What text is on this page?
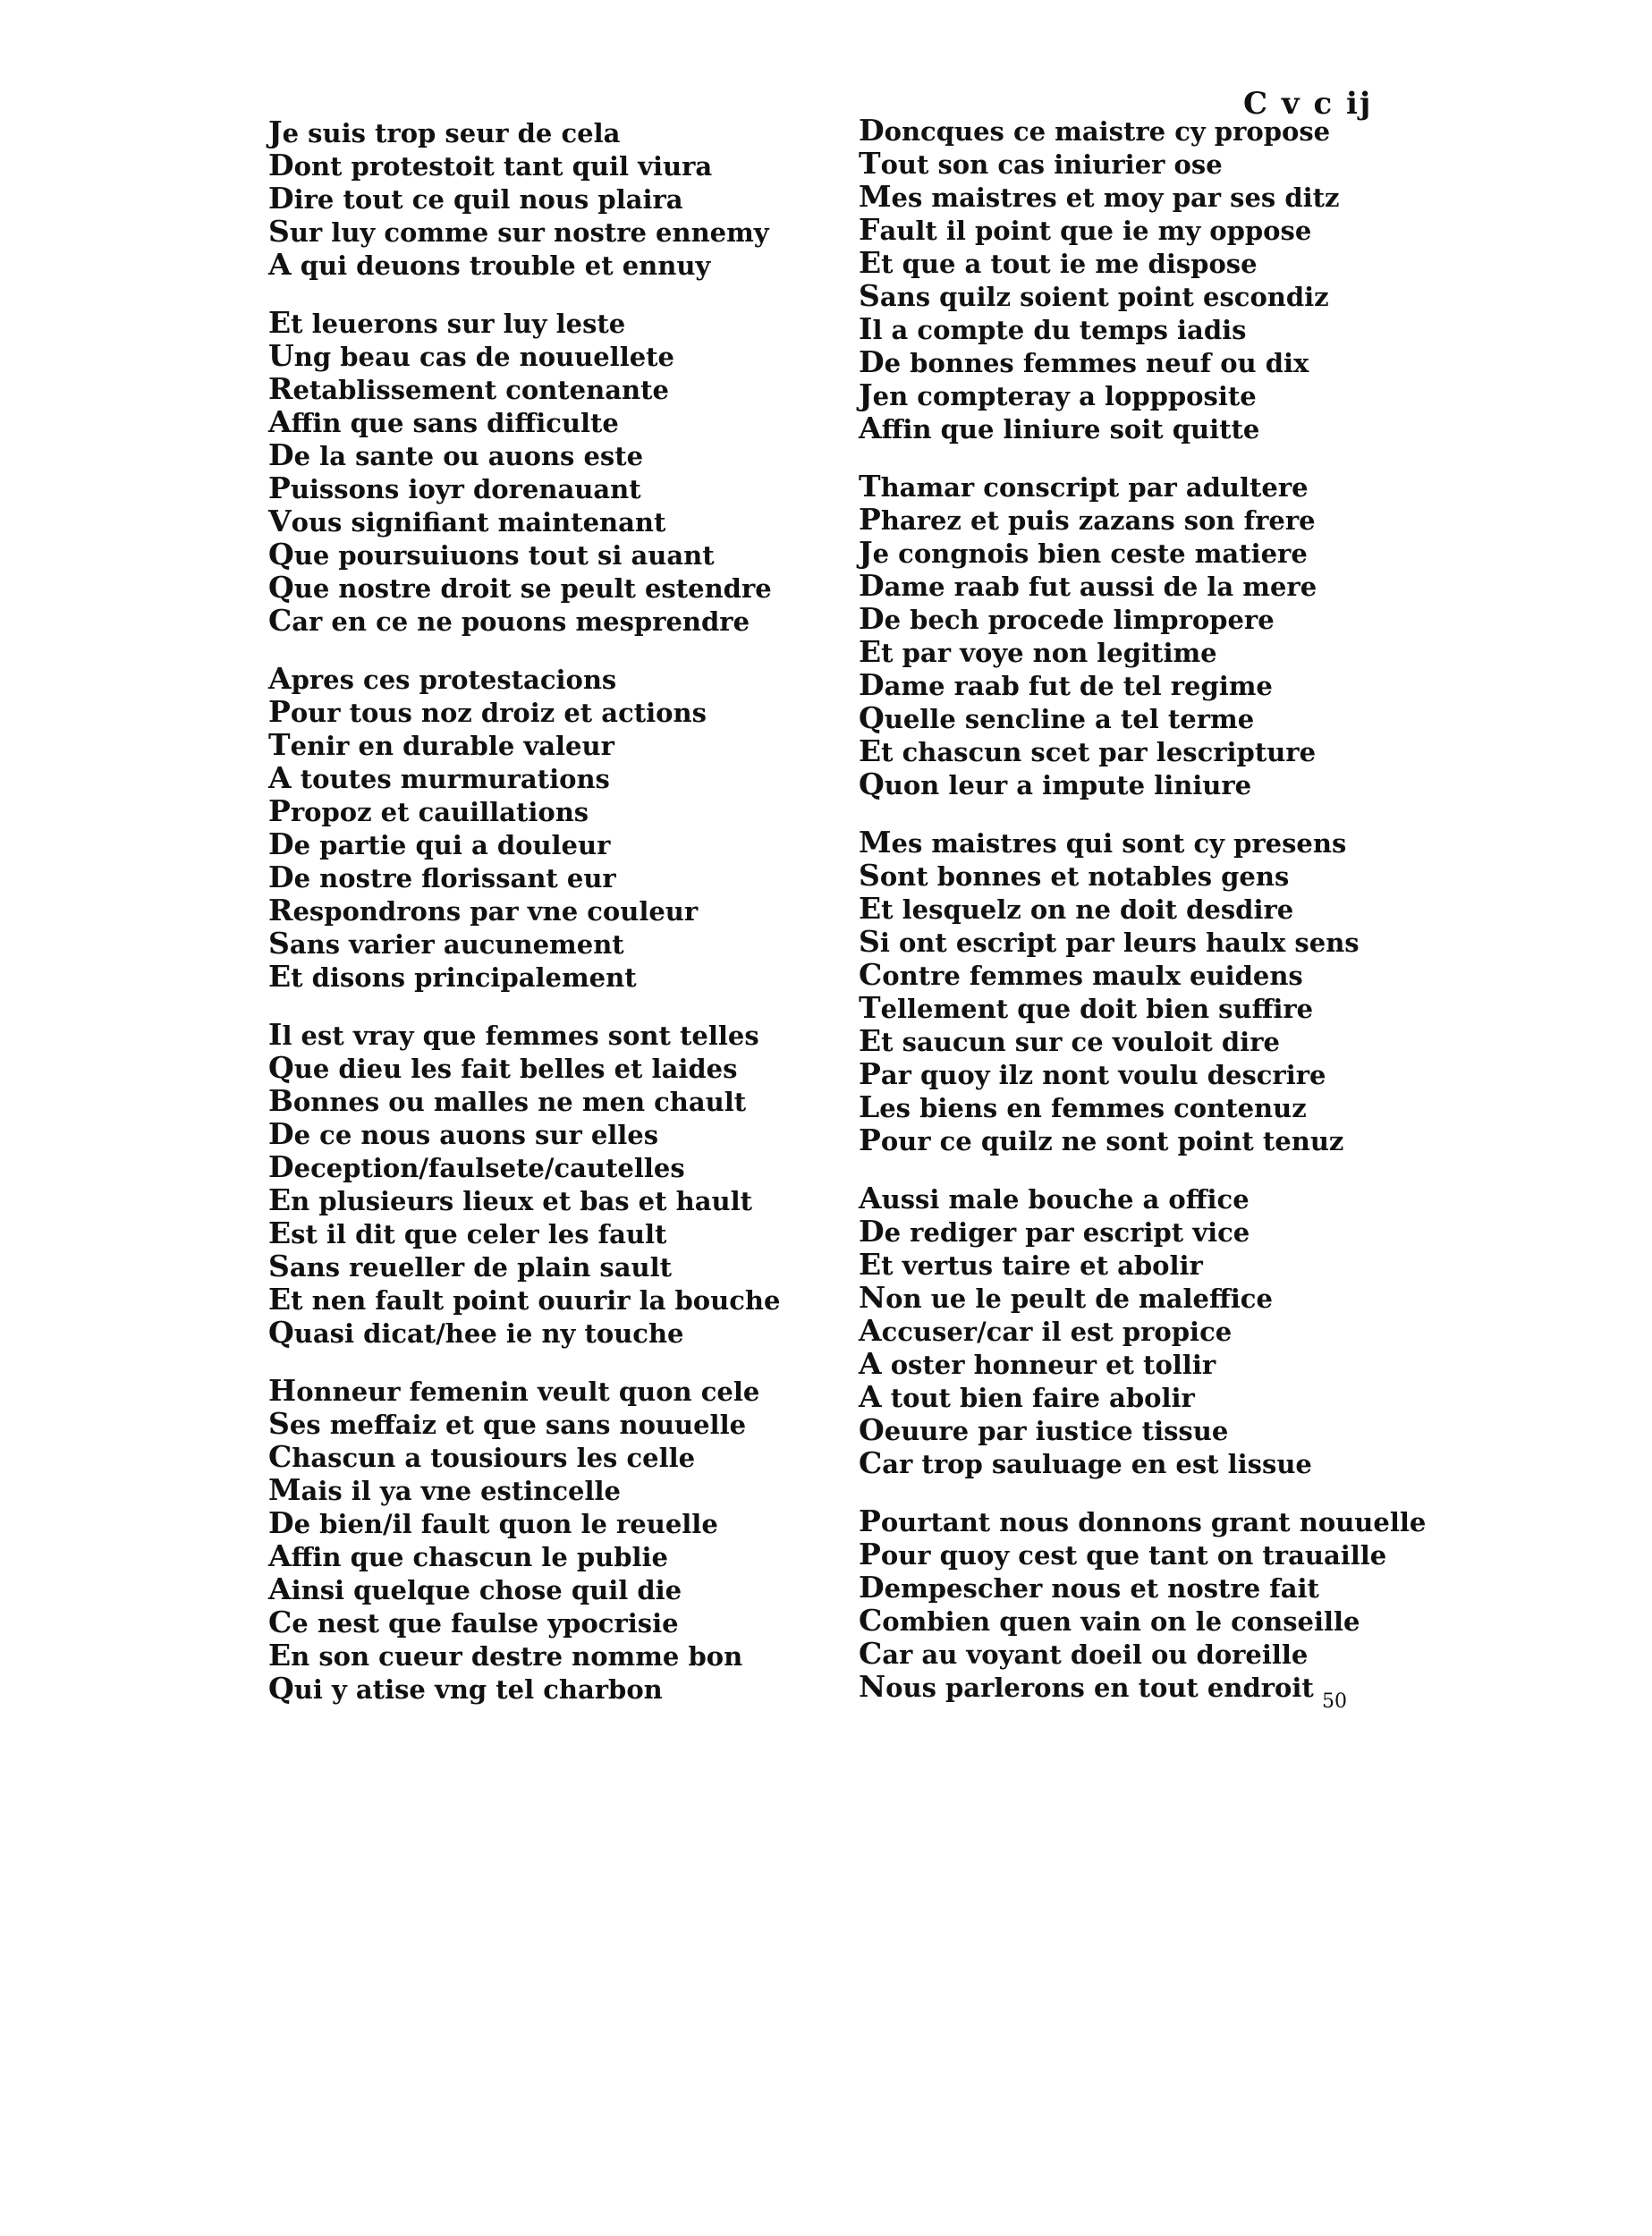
C v c ij
Je suis trop seur de cela
Dont protestoit tant quil viura
Dire tout ce quil nous plaira
Sur luy comme sur nostre ennemy
A qui deuons trouble et ennuy
Et leuerons sur luy leste
Ung beau cas de nouuellete
Retablissement contenante
Affin que sans difficulte
De la sante ou auons este
Puissons ioyr dorenauant
Vous signifiant maintenant
Que poursuiuons tout si auant
Que nostre droit se peult estendre
Car en ce ne pouons mesprendre
Apres ces protestacions
Pour tous noz droiz et actions
Tenir en durable valeur
A toutes murmurations
Propoz et cauillations
De partie qui a douleur
De nostre florissant eur
Respondrons par vne couleur
Sans varier aucunement
Et disons principalement
Il est vray que femmes sont telles
Que dieu les fait belles et laides
Bonnes ou malles ne men chault
De ce nous auons sur elles
Deception/faulsete/cautelles
En plusieurs lieux et bas et hault
Est il dit que celer les fault
Sans reueller de plain sault
Et nen fault point ouurir la bouche
Quasi dicat/hee ie ny touche
Honneur femenin veult quon cele
Ses meffaiz et que sans nouuelle
Chascun a tousiours les celle
Mais il ya vne estincelle
De bien/il fault quon le reuelle
Affin que chascun le publie
Ainsi quelque chose quil die
Ce nest que faulse ypocrisie
En son cueur destre nomme bon
Qui y atise vng tel charbon
Doncques ce maistre cy propose
Tout son cas iniurier ose
Mes maistres et moy par ses ditz
Fault il point que ie my oppose
Et que a tout ie me dispose
Sans quilz soient point escondiz
Il a compte du temps iadis
De bonnes femmes neuf ou dix
Jen compteray a loppposite
Affin que liniure soit quitte
Thamar conscript par adultere
Pharez et puis zazans son frere
Je congnois bien ceste matiere
Dame raab fut aussi de la mere
De bech procede limpropere
Et par voye non legitime
Dame raab fut de tel regime
Quelle sencline a tel terme
Et chascun scet par lescripture
Quon leur a impute liniure
Mes maistres qui sont cy presens
Sont bonnes et notables gens
Et lesquelz on ne doit desdire
Si ont escript par leurs haulx sens
Contre femmes maulx euidens
Tellement que doit bien suffire
Et saucun sur ce vouloit dire
Par quoy ilz nont voulu descrire
Les biens en femmes contenuz
Pour ce quilz ne sont point tenuz
Aussi male bouche a office
De rediger par escript vice
Et vertus taire et abolir
Non ue le peult de maleffice
Accuser/car il est propice
A oster honneur et tollir
A tout bien faire abolir
Oeuure par iustice tissue
Car trop sauluage en est lissue
Pourtant nous donnons grant nouuelle
Pour quoy cest que tant on trauaille
Dempescher nous et nostre fait
Combien quen vain on le conseille
Car au voyant doeil ou doreille
Nous parlerons en tout endroit 50
